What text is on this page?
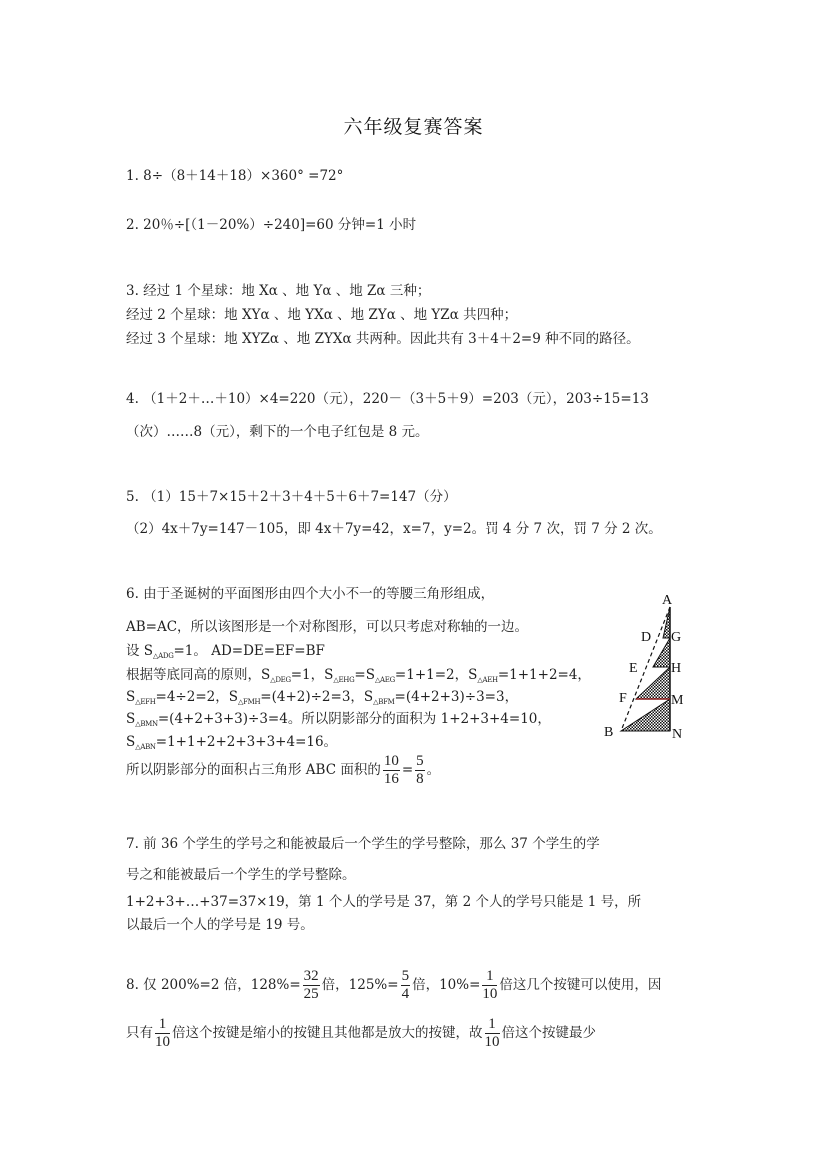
六年级复赛答案
1. 8÷（8＋14＋18）×360° =72°
2. 20％÷[（1－20%）÷240]=60 分钟=1 小时
3. 经过 1 个星球：地 Xα 、地 Yα 、地 Zα 三种；
经过 2 个星球：地 XYα 、地 YXα 、地 ZYα 、地 YZα 共四种；
经过 3 个星球：地 XYZα 、地 ZYXα 共两种。因此共有 3＋4＋2=9 种不同的路径。
4. （1＋2＋…＋10）×4=220（元），220－（3＋5＋9）=203（元），203÷15=13
（次）……8（元），剩下的一个电子红包是 8 元。
5. （1）15＋7×15＋2＋3＋4＋5＋6＋7=147（分）
（2）4x＋7y=147－105，即 4x＋7y=42，x=7，y=2。罚 4 分 7 次，罚 7 分 2 次。
6. 由于圣诞树的平面图形由四个大小不一的等腰三角形组成，
AB=AC，所以该图形是一个对称图形，可以只考虑对称轴的一边。
设 $S_{\triangle ADG}=1$。 AD=DE=EF=BF
根据等底同高的原则，$S_{\triangle DEG}=1$，$S_{\triangle EHG}=S_{\triangle AEG}=1+1=2$，$S_{\triangle AEH}=1+1+2=4$，
$S_{\triangle EFH}=4\div 2=2$，$S_{\triangle FMH}=(4+2)\div 2=3$，$S_{\triangle BFM}=(4+2+3)\div 3=3$，
$S_{\triangle BMN}=(4+2+3+3)\div 3=4$。所以阴影部分的面积为 1+2+3+4=10，
$S_{\triangle ABN}=1+1+2+2+3+3+4=16$。
所以阴影部分的面积占三角形 ABC 面积的 $\frac{10}{16} = \frac{5}{8}$ 。
A
D G
E H
F	M
B	N
7. 前 36 个学生的学号之和能被最后一个学生的学号整除，那么 37 个学生的学
号之和能被最后一个学生的学号整除。
1+2+3+…+37=37×19，第 1 个人的学号是 37，第 2 个人的学号只能是 1 号，所
以最后一个人的学号是 19 号。
8. 仅 200%=2 倍，$128\%= \frac{32}{25}$ 倍，$125\%= \frac{5}{4}$ 倍，$10\%= \frac{1}{10}$ 倍这几个按键可以使用，因
只有 $\frac{1}{10}$ 倍这个按键是缩小的按键且其他都是放大的按键，故 $\frac{1}{10}$ 倍这个按键最少
